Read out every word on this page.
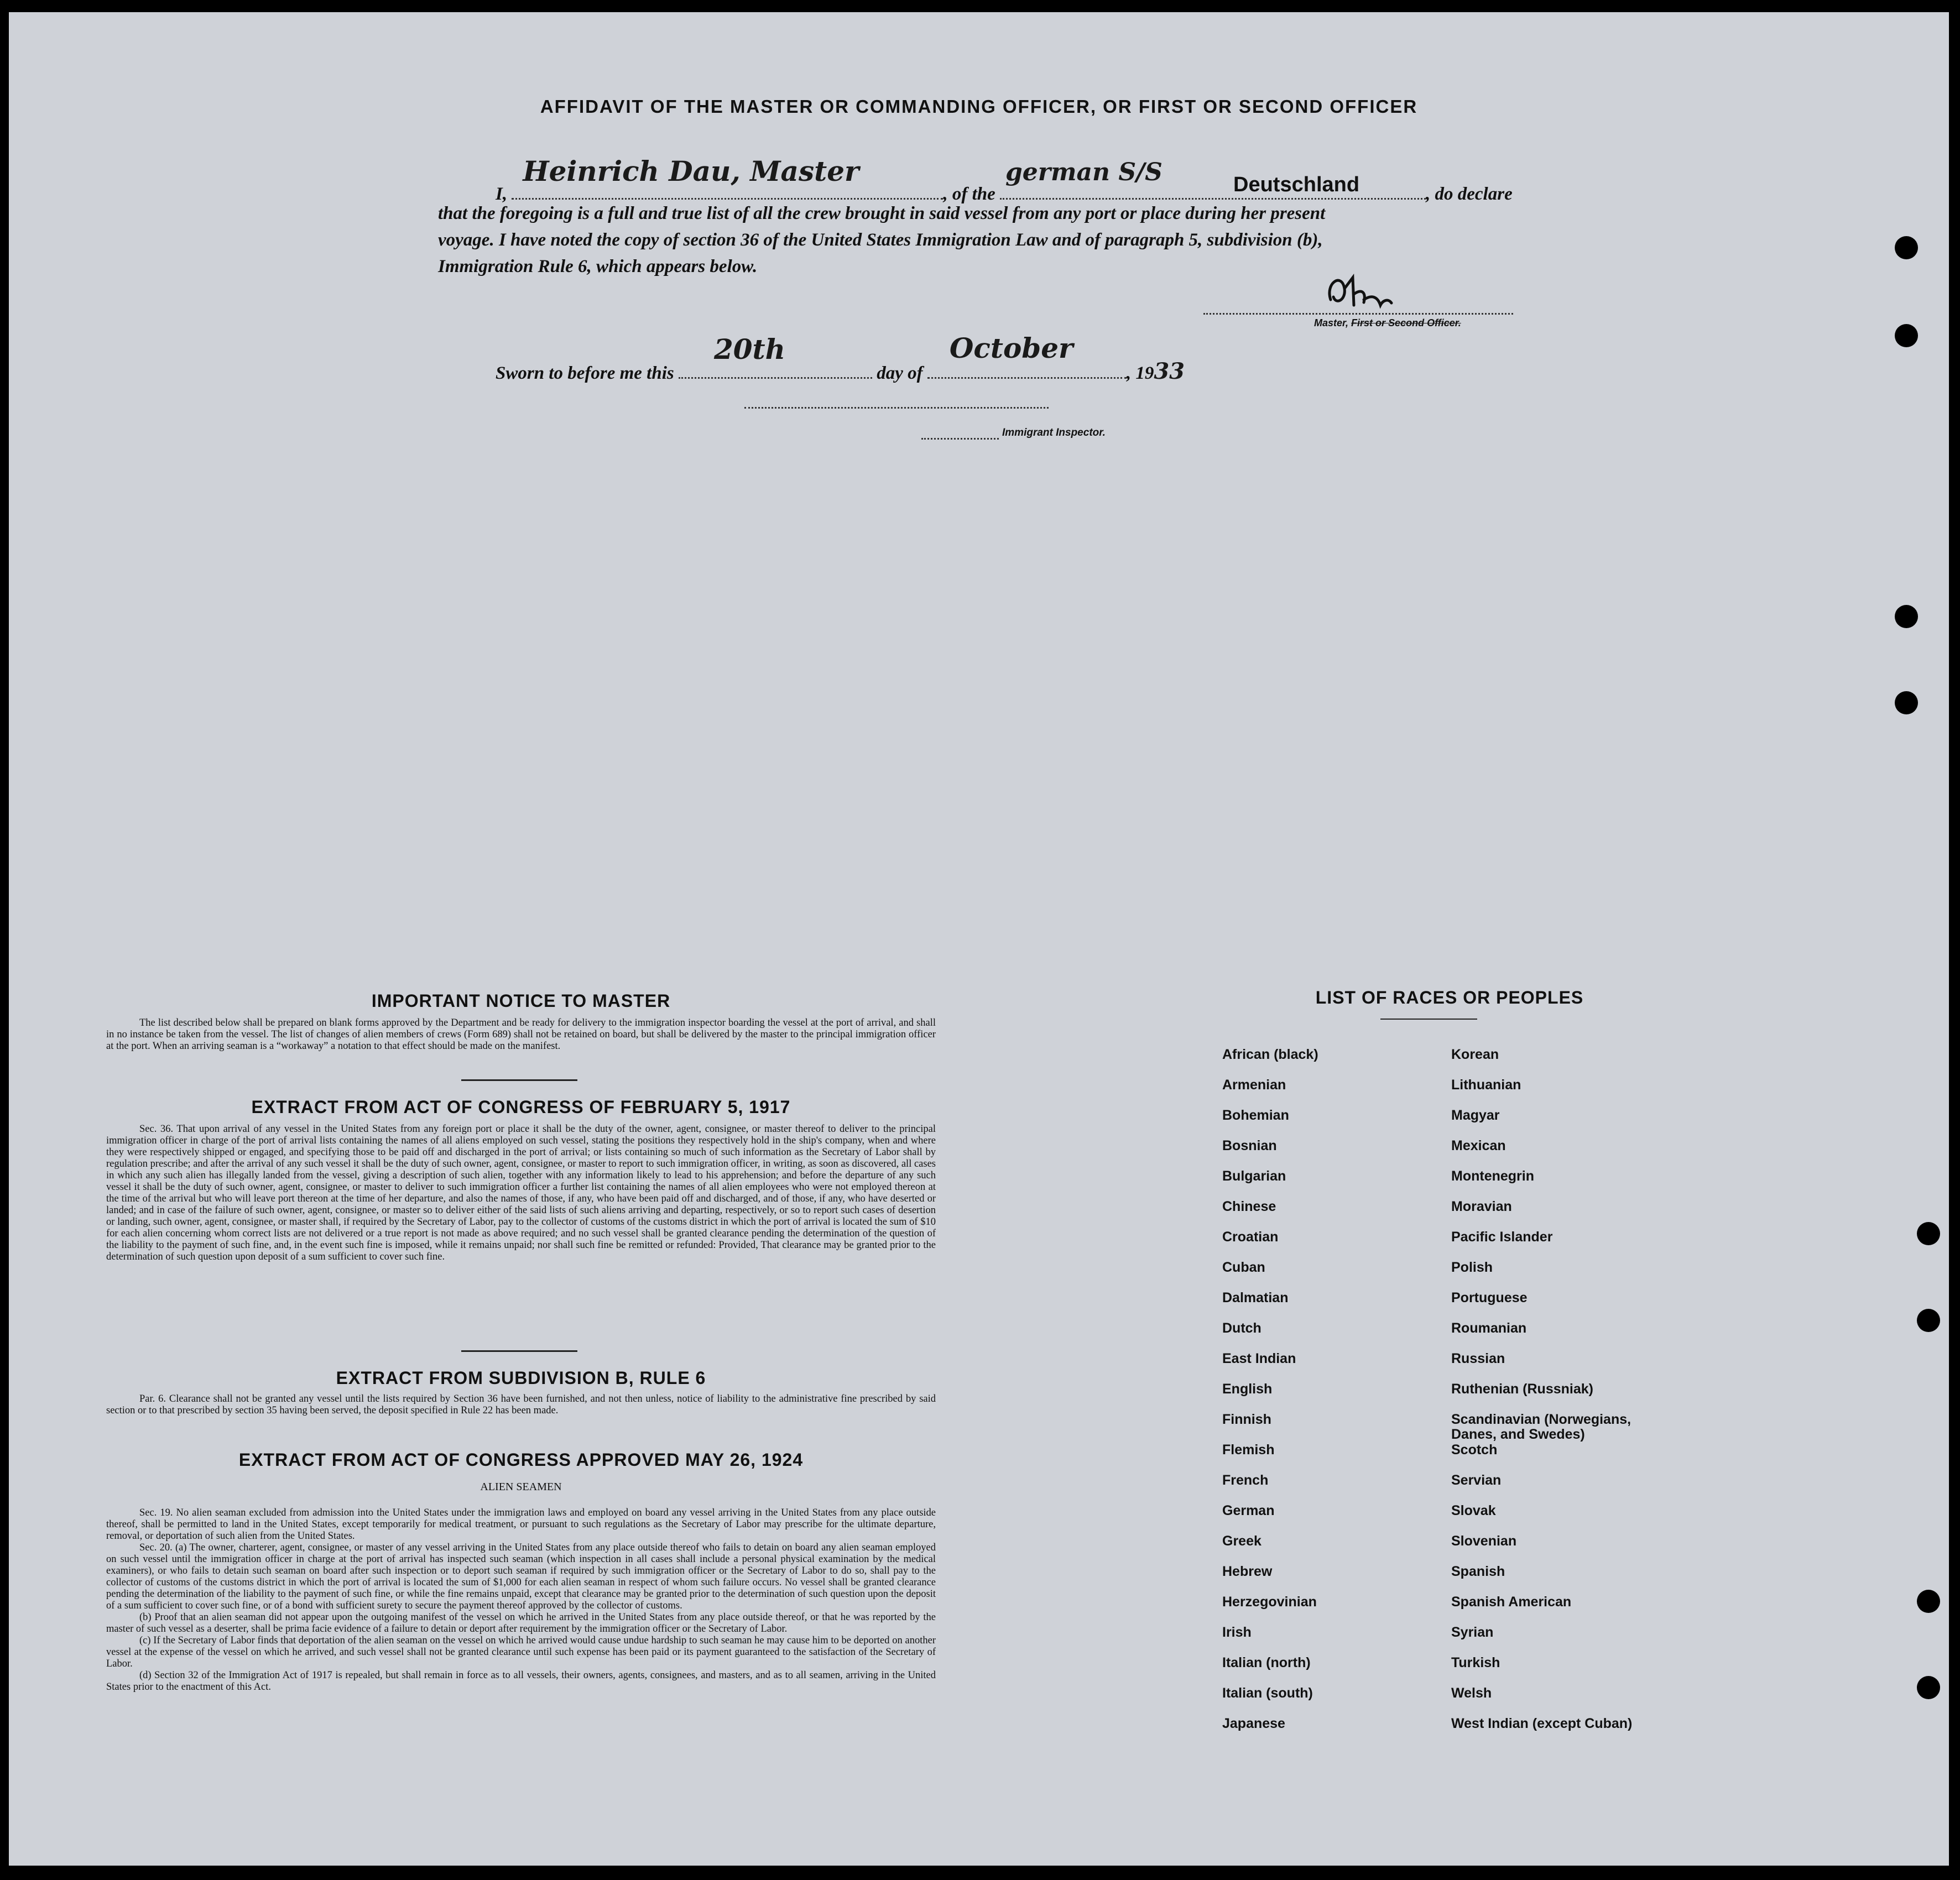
AFFIDAVIT OF THE MASTER OR COMMANDING OFFICER, OR FIRST OR SECOND OFFICER
I,
Heinrich Dau, Master
, of the
german S/S	Deutschland	, do declare
that the foregoing is a full and true list of all the crew brought in said vessel from any port or place during her present
voyage. I have noted the copy of section 36 of the United States Immigration Law and of paragraph 5, subdivision (b),
Immigration Rule 6, which appears below.
Master, First or Second Officer.
Sworn to before me this
20th
day of
October
, 1933
Immigrant Inspector.
IMPORTANT NOTICE TO MASTER

The list described below shall be prepared on blank forms approved by the Department and be ready for delivery to the immigration inspector boarding the vessel at the port of arrival, and shall in no instance be taken from the vessel. The list of changes of alien members of crews (Form 689) shall not be retained on board, but shall be delivered by the master to the principal immigration officer at the port. When an arriving seaman is a “workaway” a notation to that effect should be made on the manifest.

EXTRACT FROM ACT OF CONGRESS OF FEBRUARY 5, 1917

Sec. 36. That upon arrival of any vessel in the United States from any foreign port or place it shall be the duty of the owner, agent, consignee, or master thereof to deliver to the principal immigration officer in charge of the port of arrival lists containing the names of all aliens employed on such vessel, stating the positions they respectively hold in the ship's company, when and where they were respectively shipped or engaged, and specifying those to be paid off and discharged in the port of arrival; or lists containing so much of such information as the Secretary of Labor shall by regulation prescribe; and after the arrival of any such vessel it shall be the duty of such owner, agent, consignee, or master to report to such immigration officer, in writing, as soon as discovered, all cases in which any such alien has illegally landed from the vessel, giving a description of such alien, together with any information likely to lead to his apprehension; and before the departure of any such vessel it shall be the duty of such owner, agent, consignee, or master to deliver to such immigration officer a further list containing the names of all alien employees who were not employed thereon at the time of the arrival but who will leave port thereon at the time of her departure, and also the names of those, if any, who have been paid off and discharged, and of those, if any, who have deserted or landed; and in case of the failure of such owner, agent, consignee, or master so to deliver either of the said lists of such aliens arriving and departing, respectively, or so to report such cases of desertion or landing, such owner, agent, consignee, or master shall, if required by the Secretary of Labor, pay to the collector of customs of the customs district in which the port of arrival is located the sum of $10 for each alien concerning whom correct lists are not delivered or a true report is not made as above required; and no such vessel shall be granted clearance pending the determination of the question of the liability to the payment of such fine, and, in the event such fine is imposed, while it remains unpaid; nor shall such fine be remitted or refunded: Provided, That clearance may be granted prior to the determination of such question upon deposit of a sum sufficient to cover such fine.

EXTRACT FROM SUBDIVISION B, RULE 6

Par. 6. Clearance shall not be granted any vessel until the lists required by Section 36 have been furnished, and not then unless, notice of liability to the administrative fine prescribed by said section or to that prescribed by section 35 having been served, the deposit specified in Rule 22 has been made.

EXTRACT FROM ACT OF CONGRESS APPROVED MAY 26, 1924
ALIEN SEAMEN

Sec. 19. No alien seaman excluded from admission into the United States under the immigration laws and employed on board any vessel arriving in the United States from any place outside thereof, shall be permitted to land in the United States, except temporarily for medical treatment, or pursuant to such regulations as the Secretary of Labor may prescribe for the ultimate departure, removal, or deportation of such alien from the United States.

Sec. 20. (a) The owner, charterer, agent, consignee, or master of any vessel arriving in the United States from any place outside thereof who fails to detain on board any alien seaman employed on such vessel until the immigration officer in charge at the port of arrival has inspected such seaman (which inspection in all cases shall include a personal physical examination by the medical examiners), or who fails to detain such seaman on board after such inspection or to deport such seaman if required by such immigration officer or the Secretary of Labor to do so, shall pay to the collector of customs of the customs district in which the port of arrival is located the sum of $1,000 for each alien seaman in respect of whom such failure occurs. No vessel shall be granted clearance pending the determination of the liability to the payment of such fine, or while the fine remains unpaid, except that clearance may be granted prior to the determination of such question upon the deposit of a sum sufficient to cover such fine, or of a bond with sufficient surety to secure the payment thereof approved by the collector of customs.

(b) Proof that an alien seaman did not appear upon the outgoing manifest of the vessel on which he arrived in the United States from any place outside thereof, or that he was reported by the master of such vessel as a deserter, shall be prima facie evidence of a failure to detain or deport after requirement by the immigration officer or the Secretary of Labor.

(c) If the Secretary of Labor finds that deportation of the alien seaman on the vessel on which he arrived would cause undue hardship to such seaman he may cause him to be deported on another vessel at the expense of the vessel on which he arrived, and such vessel shall not be granted clearance until such expense has been paid or its payment guaranteed to the satisfaction of the Secretary of Labor.

(d) Section 32 of the Immigration Act of 1917 is repealed, but shall remain in force as to all vessels, their owners, agents, consignees, and masters, and as to all seamen, arriving in the United States prior to the enactment of this Act.

LIST OF RACES OR PEOPLES
African (black)
Armenian
Bohemian
Bosnian
Bulgarian
Chinese
Croatian
Cuban
Dalmatian
Dutch
East Indian
English
Finnish
Flemish
French
German
Greek
Hebrew
Herzegovinian
Irish
Italian (north)
Italian (south)
Japanese
Korean
Lithuanian
Magyar
Mexican
Montenegrin
Moravian
Pacific Islander
Polish
Portuguese
Roumanian
Russian
Ruthenian (Russniak)
Scandinavian (Norwegians,
Danes, and Swedes)
Scotch
Servian
Slovak
Slovenian
Spanish
Spanish American
Syrian
Turkish
Welsh
West Indian (except Cuban)
